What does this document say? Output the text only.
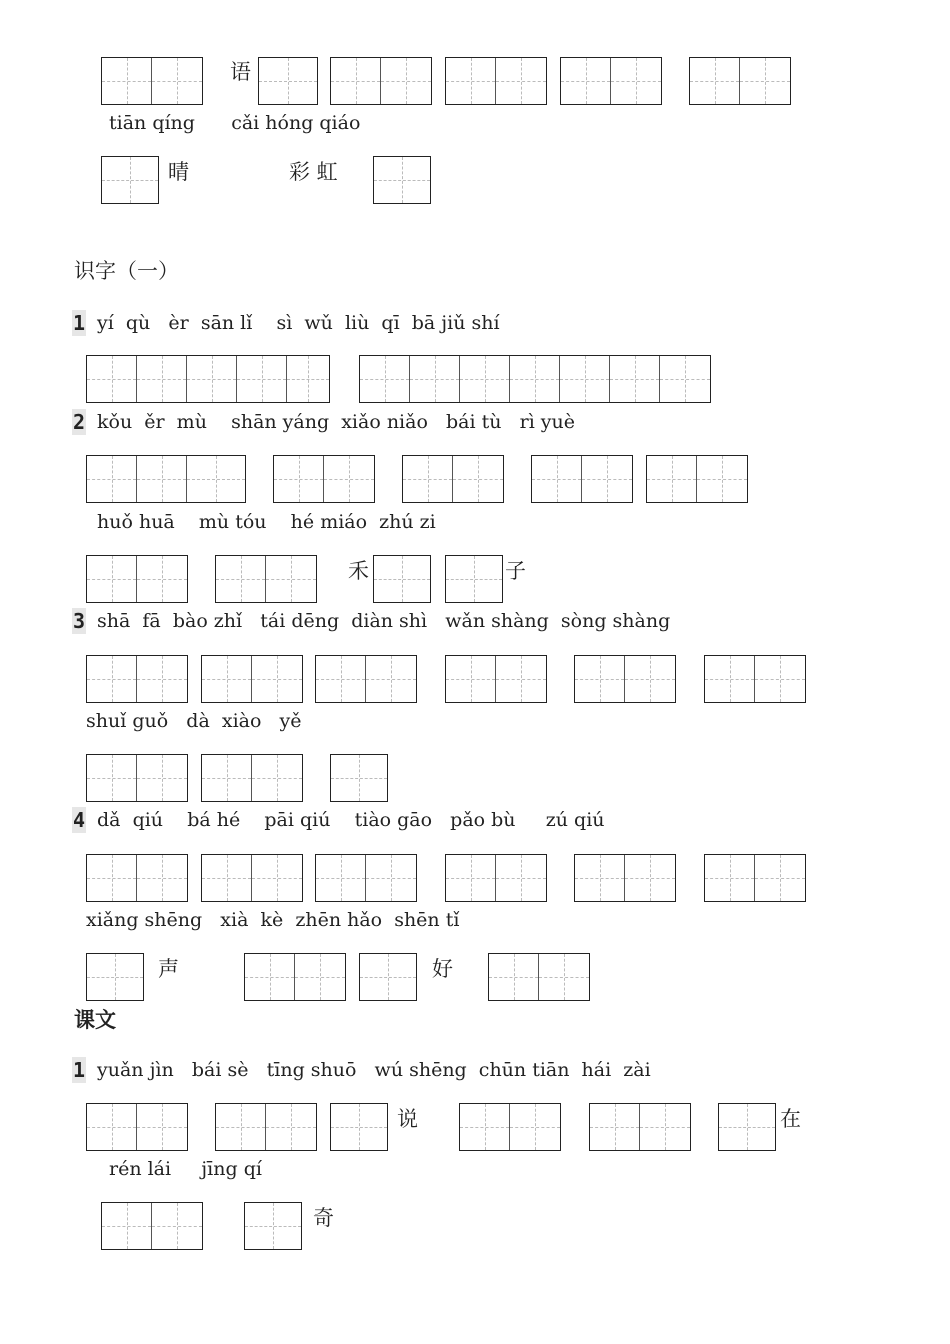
语
tiān qíng      cǎi hóng qiáo
晴	彩 虹
识字（一）
1 yí  qù   èr  sān lǐ    sì  wǔ  liù  qī  bā jiǔ shí
2 kǒu  ěr  mù    shān yáng  xiǎo niǎo   bái tù   rì yuè
huǒ huā    mù tóu    hé miáo  zhú zi
禾	子
3 shā  fā  bào zhǐ   tái dēng  diàn shì   wǎn shàng  sòng shàng
shuǐ guǒ   dà  xiào   yě
4 dǎ  qiú    bá hé    pāi qiú    tiào gāo   pǎo bù     zú qiú
xiǎng shēng   xià  kè  zhēn hǎo  shēn tǐ
声	好
课文
1 yuǎn jìn   bái sè   tīng shuō   wú shēng  chūn tiān  hái  zài
说	在
rén lái     jīng qí
奇
